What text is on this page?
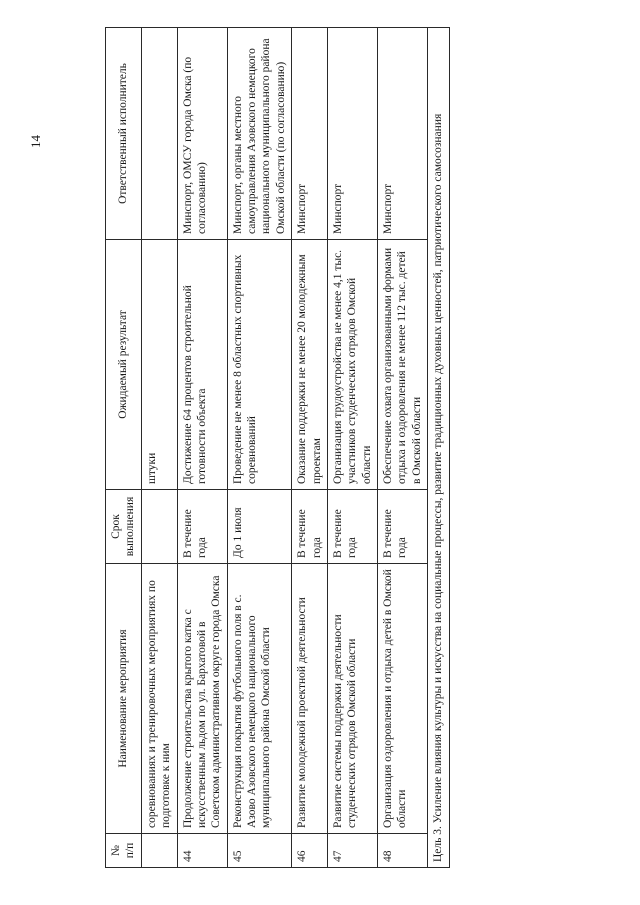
14
№ п/п	Наименование мероприятия	Срок выполнения	Ожидаемый результат	Ответственный исполнитель
	соревнованиях и тренировочных мероприятиях по подготовке к ним		штуки	
44	Продолжение строительства крытого катка с искусственным льдом по ул. Бархатовой в Советском административном округе города Омска	В течение года	Достижение 64 процентов строительной готовности объекта	Минспорт, ОМСУ города Омска (по согласованию)
45	Реконструкция покрытия футбольного поля в с. Азово Азовского немецкого национального муниципального района Омской области	До 1 июля	Проведение не менее 8 областных спортивных соревнований	Минспорт, органы местного самоуправления Азовского немецкого национального муниципального района Омской области (по согласованию)
46	Развитие молодежной проектной деятельности	В течение года	Оказание поддержки не менее 20 молодежным проектам	Минспорт
47	Развитие системы поддержки деятельности студенческих отрядов Омской области	В течение года	Организация трудоустройства не менее 4,1 тыс. участников студенческих отрядов Омской области	Минспорт
48	Организация оздоровления и отдыха детей в Омской области	В течение года	Обеспечение охвата организованными формами отдыха и оздоровления не менее 112 тыс. детей в Омской области	Минспорт
Цель 3. Усиление влияния культуры и искусства на социальные процессы, развитие традиционных духовных ценностей, патриотического самосознания				
